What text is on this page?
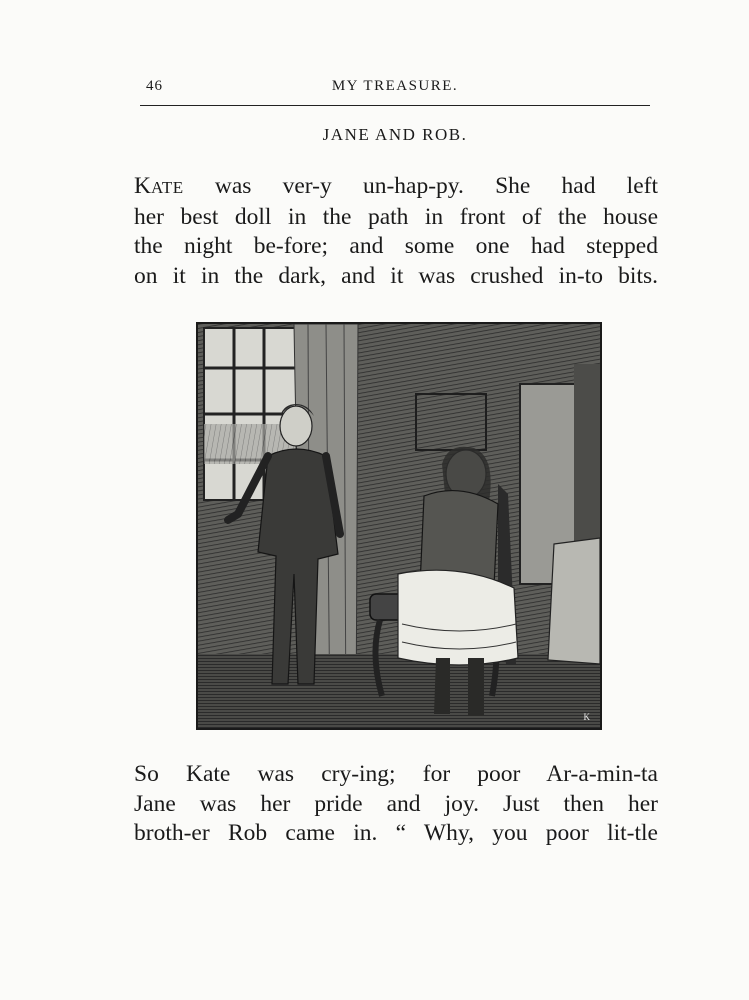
46	MY TREASURE.
JANE AND ROB.

KATE was ver-y un-hap-py. She had left
her best doll in the path in front of the house
the night be-fore; and some one had stepped
on it in the dark, and it was crushed in-to bits.

K

So Kate was cry-ing; for poor Ar-a-min-ta
Jane was her pride and joy. Just then her
broth-er Rob came in. “ Why, you poor lit-tle
